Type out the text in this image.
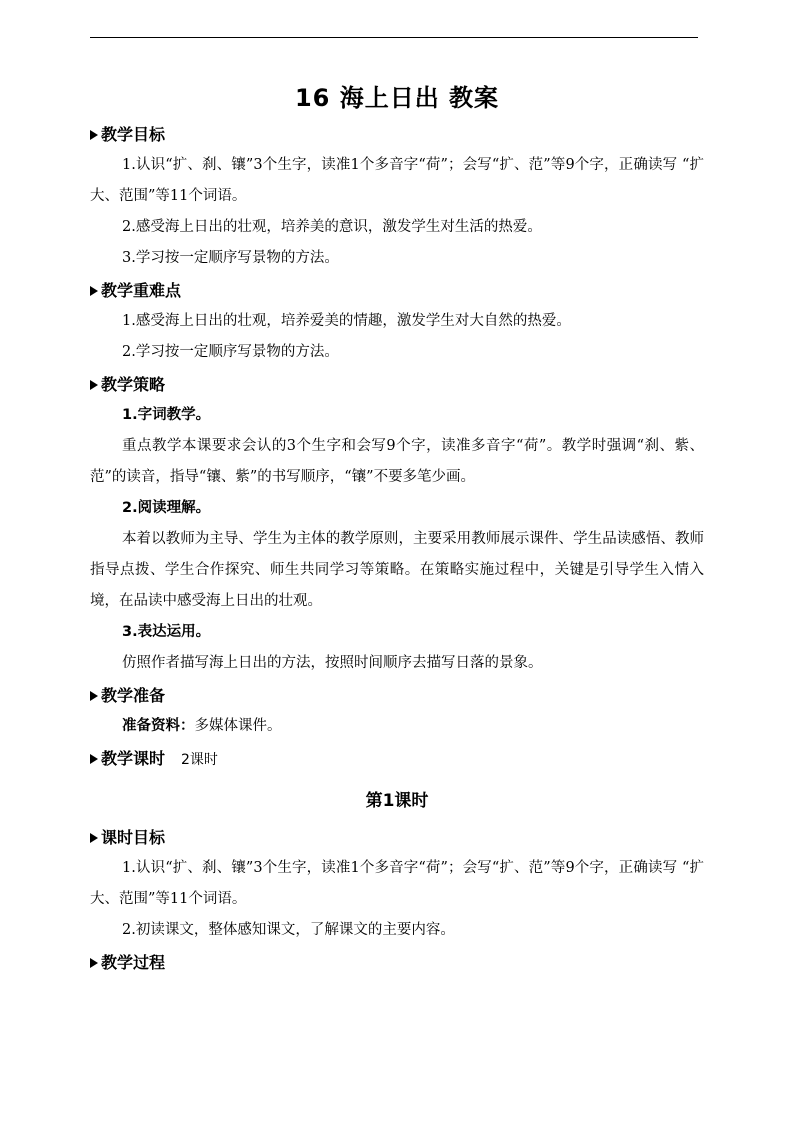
16 海上日出 教案
教学目标
1.认识“扩、刹、镶”3个生字，读准1个多音字“荷”；会写“扩、范”等9个字，正确读写 “扩大、范围”等11个词语。
2.感受海上日出的壮观，培养美的意识，激发学生对生活的热爱。
3.学习按一定顺序写景物的方法。
教学重难点
1.感受海上日出的壮观，培养爱美的情趣，激发学生对大自然的热爱。
2.学习按一定顺序写景物的方法。
教学策略
1.字词教学。
重点教学本课要求会认的3个生字和会写9个字，读准多音字“荷”。教学时强调“刹、紫、范”的读音，指导“镶、紫”的书写顺序，“镶”不要多笔少画。
2.阅读理解。
本着以教师为主导、学生为主体的教学原则，主要采用教师展示课件、学生品读感悟、教师指导点拨、学生合作探究、师生共同学习等策略。在策略实施过程中，关键是引导学生入情入境，在品读中感受海上日出的壮观。
3.表达运用。
仿照作者描写海上日出的方法，按照时间顺序去描写日落的景象。
教学准备
准备资料：多媒体课件。
教学课时 2课时
第1课时
课时目标
1.认识“扩、刹、镶”3个生字，读准1个多音字“荷”；会写“扩、范”等9个字，正确读写 “扩大、范围”等11个词语。
2.初读课文，整体感知课文，了解课文的主要内容。
教学过程
